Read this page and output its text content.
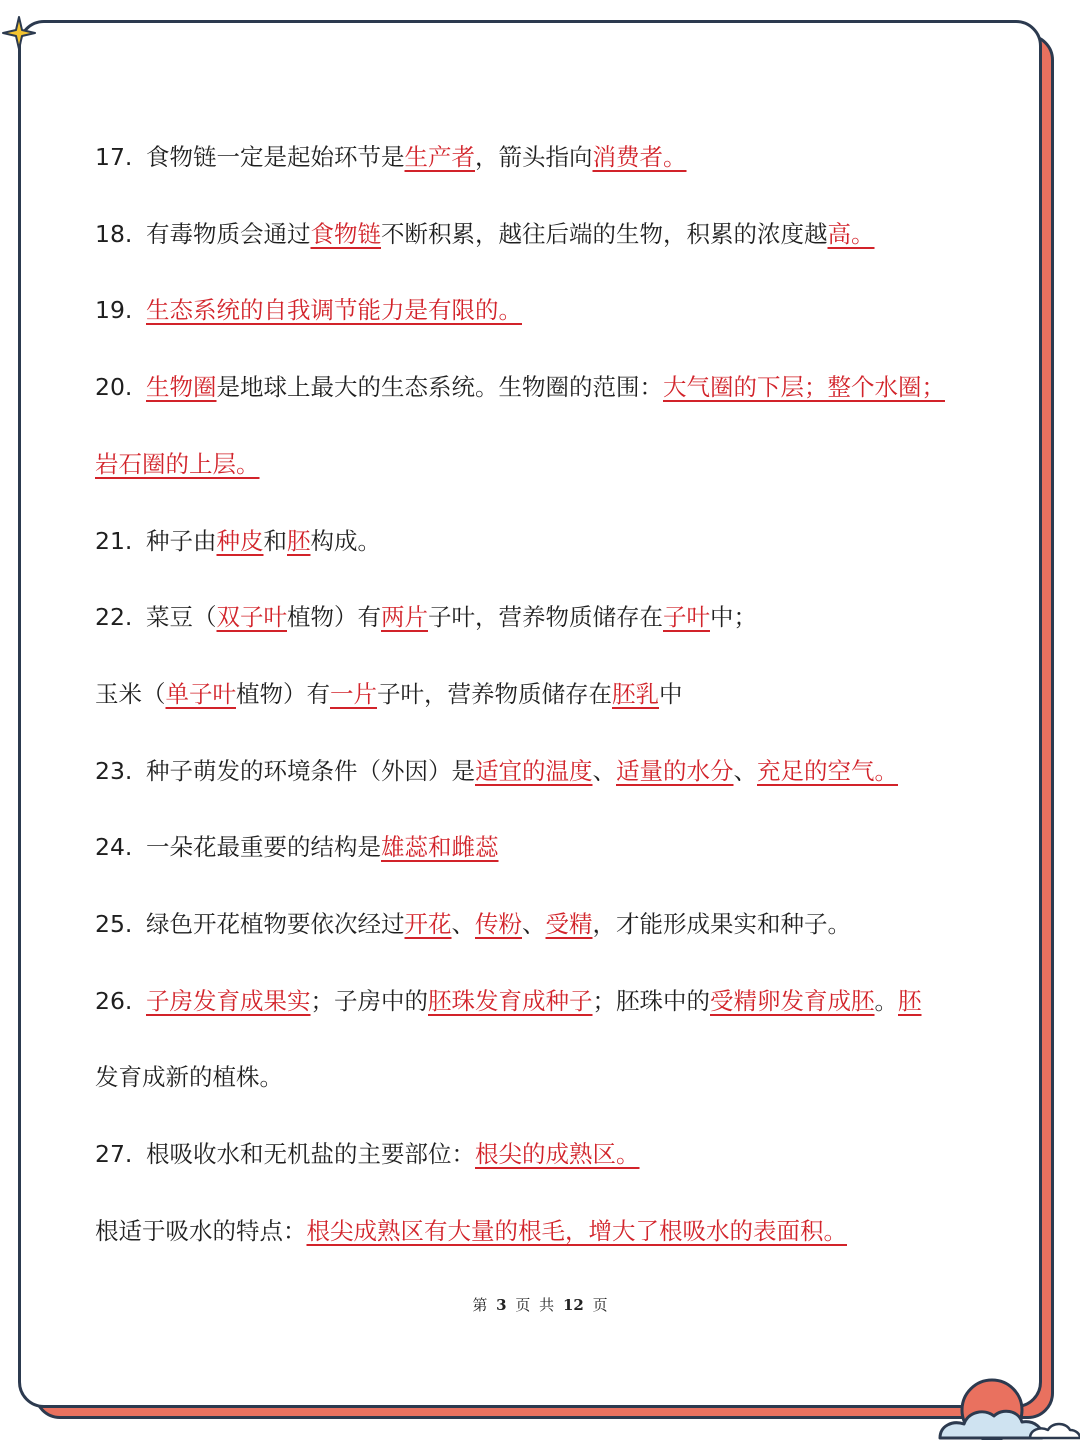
17. 食物链一定是起始环节是生产者，箭头指向消费者。
18. 有毒物质会通过食物链不断积累，越往后端的生物，积累的浓度越高。
19. 生态系统的自我调节能力是有限的。
20. 生物圈是地球上最大的生态系统。生物圈的范围：大气圈的下层；整个水圈；
岩石圈的上层。
21. 种子由种皮和胚构成。
22. 菜豆（双子叶植物）有两片子叶，营养物质储存在子叶中；
玉米（单子叶植物）有一片子叶，营养物质储存在胚乳中
23. 种子萌发的环境条件（外因）是适宜的温度、适量的水分、充足的空气。
24. 一朵花最重要的结构是雄蕊和雌蕊
25. 绿色开花植物要依次经过开花、传粉、受精，才能形成果实和种子。
26. 子房发育成果实；子房中的胚珠发育成种子；胚珠中的受精卵发育成胚。胚
发育成新的植株。
27. 根吸收水和无机盐的主要部位：根尖的成熟区。
根适于吸水的特点：根尖成熟区有大量的根毛，增大了根吸水的表面积。
第 3 页 共 12 页
